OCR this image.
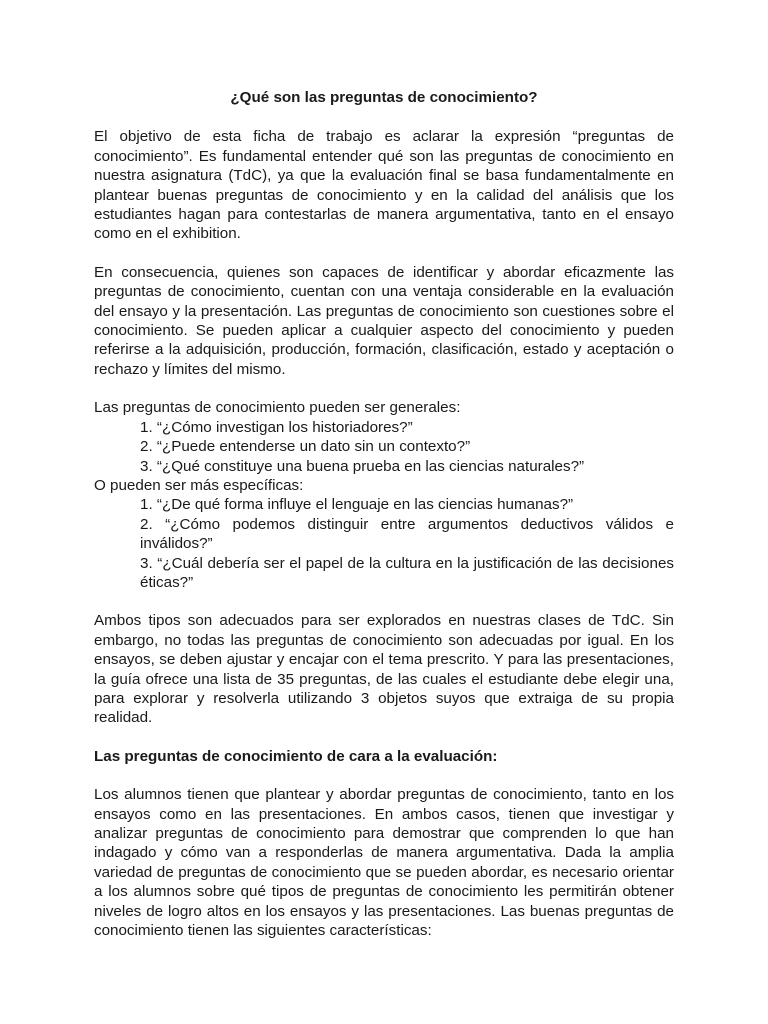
¿Qué son las preguntas de conocimiento?

El objetivo de esta ficha de trabajo es aclarar la expresión “preguntas de conocimiento”. Es fundamental entender qué son las preguntas de conocimiento en nuestra asignatura (TdC), ya que la evaluación final se basa fundamentalmente en plantear buenas preguntas de conocimiento y en la calidad del análisis que los estudiantes hagan para contestarlas de manera argumentativa, tanto en el ensayo como en el exhibition.

En consecuencia, quienes son capaces de identificar y abordar eficazmente las preguntas de conocimiento, cuentan con una ventaja considerable en la evaluación del ensayo y la presentación. Las preguntas de conocimiento son cuestiones sobre el conocimiento. Se pueden aplicar a cualquier aspecto del conocimiento y pueden referirse a la adquisición, producción, formación, clasificación, estado y aceptación o rechazo y límites del mismo.

Las preguntas de conocimiento pueden ser generales:

1. “¿Cómo investigan los historiadores?”
2. “¿Puede entenderse un dato sin un contexto?”
3. “¿Qué constituye una buena prueba en las ciencias naturales?”

O pueden ser más específicas:

1. “¿De qué forma influye el lenguaje en las ciencias humanas?”
2. “¿Cómo podemos distinguir entre argumentos deductivos válidos e inválidos?”
3. “¿Cuál debería ser el papel de la cultura en la justificación de las decisiones éticas?”

Ambos tipos son adecuados para ser explorados en nuestras clases de TdC. Sin embargo, no todas las preguntas de conocimiento son adecuadas por igual. En los ensayos, se deben ajustar y encajar con el tema prescrito. Y para las presentaciones, la guía ofrece una lista de 35 preguntas, de las cuales el estudiante debe elegir una, para explorar y resolverla utilizando 3 objetos suyos que extraiga de su propia realidad.

Las preguntas de conocimiento de cara a la evaluación:

Los alumnos tienen que plantear y abordar preguntas de conocimiento, tanto en los ensayos como en las presentaciones. En ambos casos, tienen que investigar y analizar preguntas de conocimiento para demostrar que comprenden lo que han indagado y cómo van a responderlas de manera argumentativa. Dada la amplia variedad de preguntas de conocimiento que se pueden abordar, es necesario orientar a los alumnos sobre qué tipos de preguntas de conocimiento les permitirán obtener niveles de logro altos en los ensayos y las presentaciones. Las buenas preguntas de conocimiento tienen las siguientes características:
